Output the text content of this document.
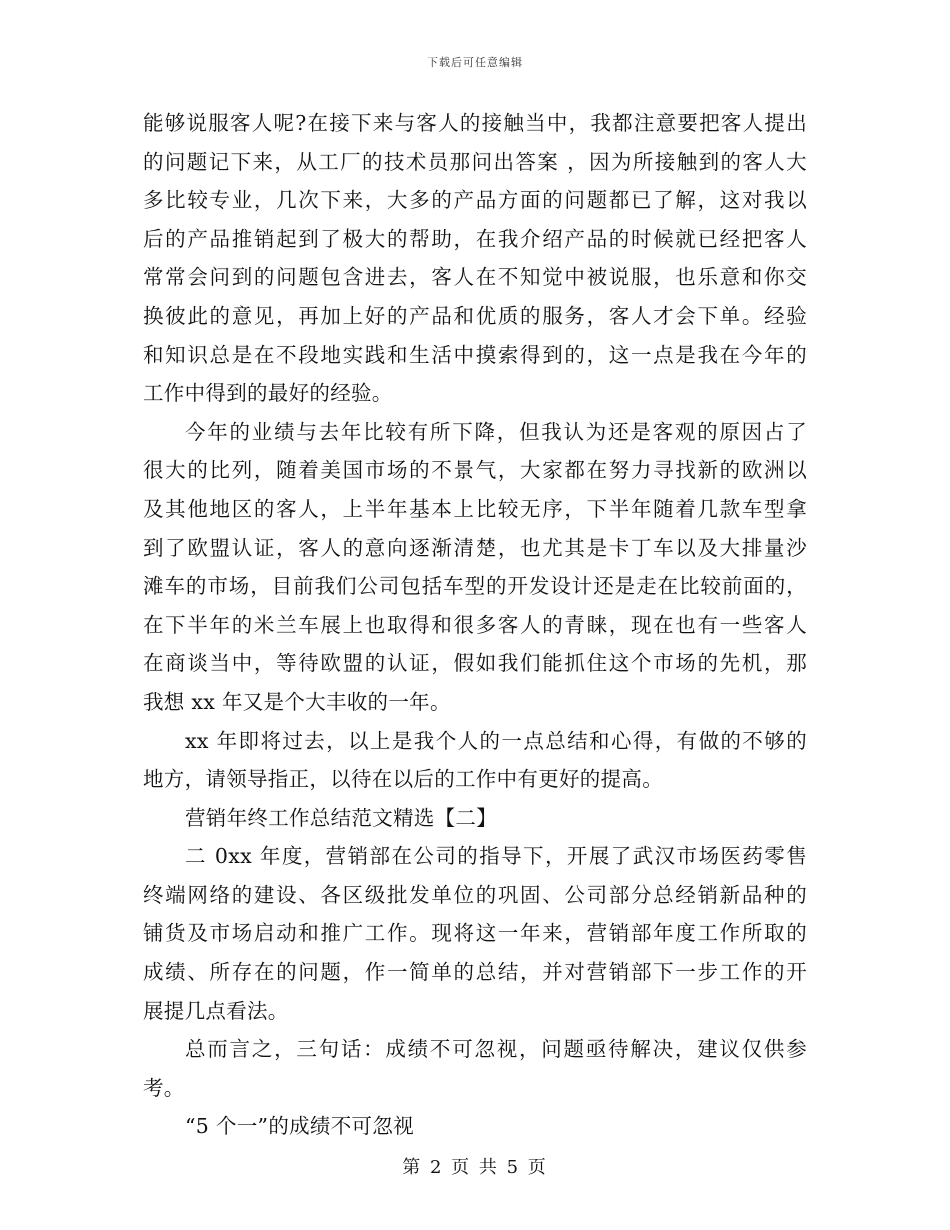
下载后可任意编辑
能够说服客人呢?在接下来与客人的接触当中，我都注意要把客人提出
的问题记下来，从工厂的技术员那问出答案 ，因为所接触到的客人大
多比较专业，几次下来，大多的产品方面的问题都已了解，这对我以
后的产品推销起到了极大的帮助，在我介绍产品的时候就已经把客人
常常会问到的问题包含进去，客人在不知觉中被说服，也乐意和你交
换彼此的意见，再加上好的产品和优质的服务，客人才会下单。经验
和知识总是在不段地实践和生活中摸索得到的，这一点是我在今年的
工作中得到的最好的经验。
今年的业绩与去年比较有所下降，但我认为还是客观的原因占了
很大的比列，随着美国市场的不景气，大家都在努力寻找新的欧洲以
及其他地区的客人，上半年基本上比较无序，下半年随着几款车型拿
到了欧盟认证，客人的意向逐渐清楚，也尤其是卡丁车以及大排量沙
滩车的市场，目前我们公司包括车型的开发设计还是走在比较前面的，
在下半年的米兰车展上也取得和很多客人的青睐，现在也有一些客人
在商谈当中，等待欧盟的认证，假如我们能抓住这个市场的先机，那
我想 xx 年又是个大丰收的一年。
xx 年即将过去，以上是我个人的一点总结和心得，有做的不够的
地方，请领导指正，以待在以后的工作中有更好的提高。
营销年终工作总结范文精选【二】
二 0xx 年度，营销部在公司的指导下，开展了武汉市场医药零售
终端网络的建设、各区级批发单位的巩固、公司部分总经销新品种的
铺货及市场启动和推广工作。现将这一年来，营销部年度工作所取的
成绩、所存在的问题，作一简单的总结，并对营销部下一步工作的开
展提几点看法。
总而言之，三句话：成绩不可忽视，问题亟待解决，建议仅供参
考。
“5 个一”的成绩不可忽视
第 2 页 共 5 页
